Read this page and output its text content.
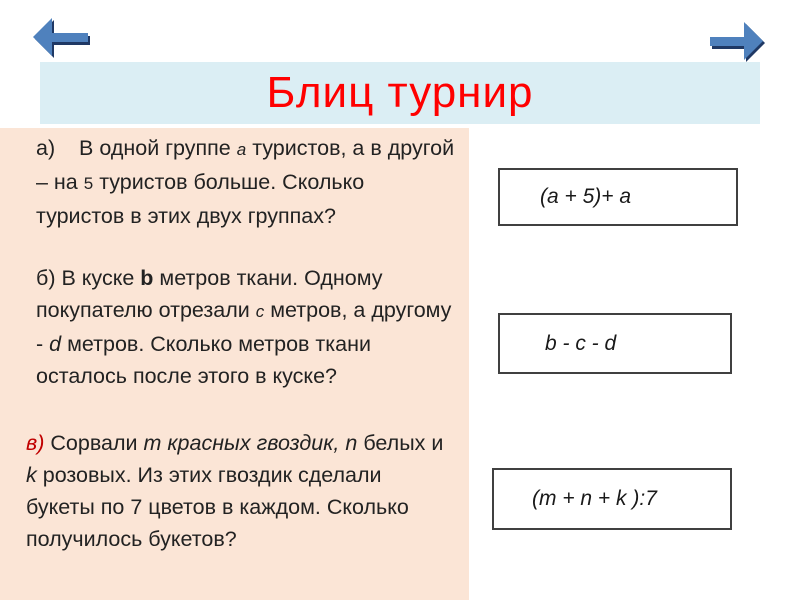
Блиц турнир
а) В одной группе a туристов, а в другой – на 5 туристов больше. Сколько туристов в этих двух группах?
б) В куске b метров ткани. Одному покупателю отрезали c метров, а другому - d метров. Сколько метров ткани осталось после этого в куске?
в) Сорвали m красных гвоздик, n белых и k розовых. Из этих гвоздик сделали букеты по 7 цветов в каждом. Сколько получилось букетов?
(a + 5)+ a
b - c - d
(m + n + k ):7
